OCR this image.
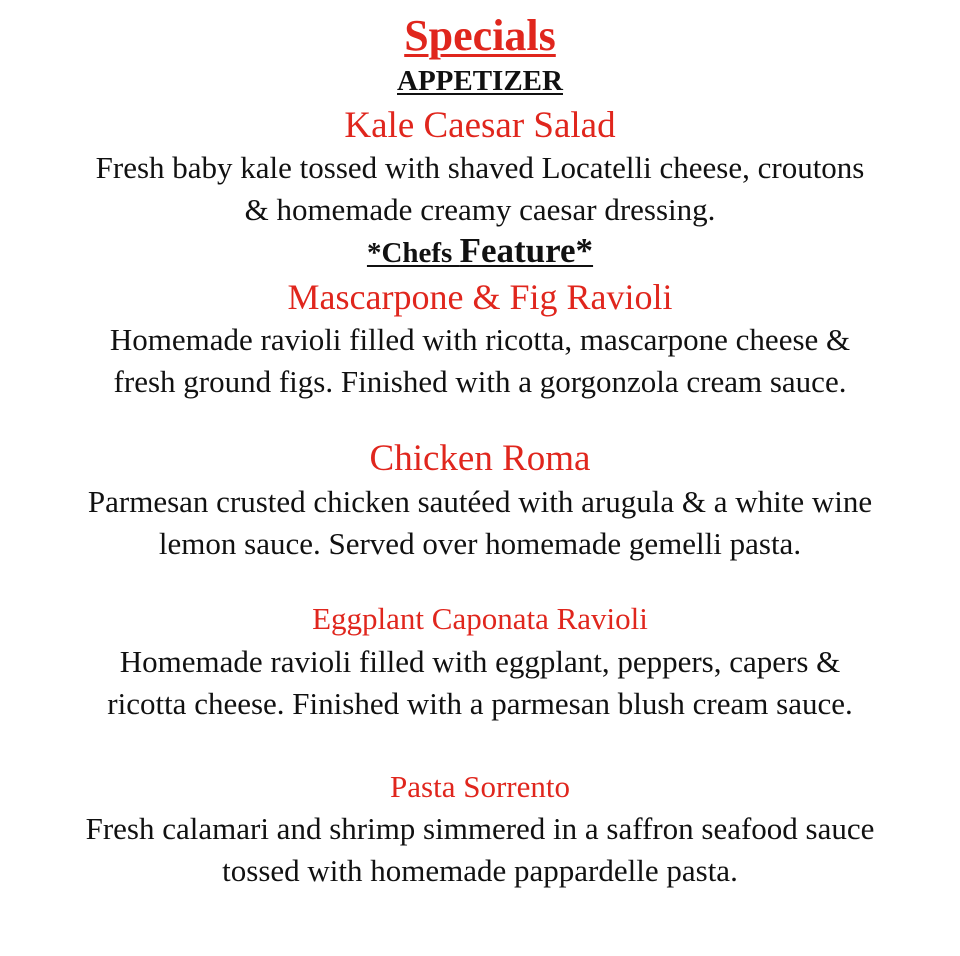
Specials
APPETIZER
Kale Caesar Salad
Fresh baby kale tossed with shaved Locatelli cheese, croutons
& homemade creamy caesar dressing.
*Chefs Feature*
Mascarpone & Fig Ravioli
Homemade ravioli filled with ricotta, mascarpone cheese &
fresh ground figs. Finished with a gorgonzola cream sauce.
Chicken Roma
Parmesan crusted chicken sautéed with arugula & a white wine
lemon sauce. Served over homemade gemelli pasta.
Eggplant Caponata Ravioli
Homemade ravioli filled with eggplant, peppers, capers &
ricotta cheese. Finished with a parmesan blush cream sauce.
Pasta Sorrento
Fresh calamari and shrimp simmered in a saffron seafood sauce
tossed with homemade pappardelle pasta.
